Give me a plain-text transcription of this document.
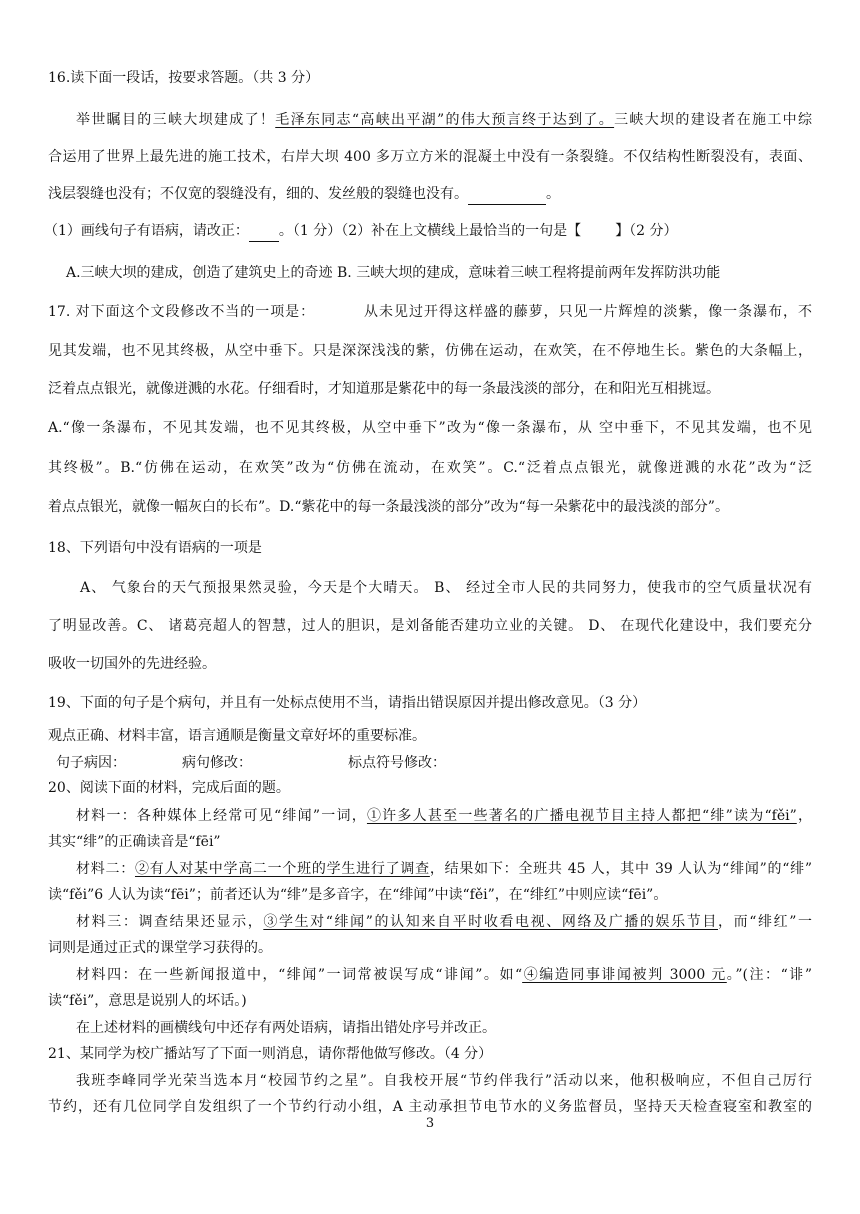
16.读下面一段话，按要求答题。（共 3 分）
举世瞩目的三峡大坝建成了！毛泽东同志“高峡出平湖”的伟大预言终于达到了。三峡大坝的建设者在施工中综
合运用了世界上最先进的施工技术，右岸大坝 400 多万立方米的混凝土中没有一条裂缝。不仅结构性断裂没有，表面、
浅层裂缝也没有；不仅宽的裂缝没有，细的、发丝般的裂缝也没有。	。
（1）画线句子有语病，请改正： 。（1 分）（2）补在上文横线上最恰当的一句是【 】（2 分）
A.三峡大坝的建成，创造了建筑史上的奇迹 B. 三峡大坝的建成，意味着三峡工程将提前两年发挥防洪功能
17. 对下面这个文段修改不当的一项是：	从未见过开得这样盛的藤萝，只见一片辉煌的淡紫，像一条瀑布，不
见其发端，也不见其终极，从空中垂下。只是深深浅浅的紫，仿佛在运动，在欢笑，在不停地生长。紫色的大条幅上，
泛着点点银光，就像迸溅的水花。仔细看时，才知道那是紫花中的每一条最浅淡的部分，在和阳光互相挑逗。
A.“像一条瀑布，不见其发端，也不见其终极，从空中垂下”改为“像一条瀑布，从 空中垂下，不见其发端，也不见
其终极”。B.“仿佛在运动，在欢笑”改为“仿佛在流动，在欢笑”。C.“泛着点点银光，就像迸溅的水花”改为“泛
着点点银光，就像一幅灰白的长布”。D.“紫花中的每一条最浅淡的部分”改为“每一朵紫花中的最浅淡的部分”。
18、下列语句中没有语病的一项是
A、 气象台的天气预报果然灵验，今天是个大晴天。 B、 经过全市人民的共同努力，使我市的空气质量状况有
了明显改善。C、 诸葛亮超人的智慧，过人的胆识，是刘备能否建功立业的关键。 D、 在现代化建设中，我们要充分
吸收一切国外的先进经验。
19、下面的句子是个病句，并且有一处标点使用不当，请指出错误原因并提出修改意见。（3 分）
观点正确、材料丰富，语言通顺是衡量文章好坏的重要标准。
句子病因：	病句修改：	标点符号修改：
20、阅读下面的材料，完成后面的题。
材料一：各种媒体上经常可见“绯闻”一词，①许多人甚至一些著名的广播电视节目主持人都把“绯”读为“fěi”，
其实“绯”的正确读音是“fēi”
材料二：②有人对某中学高二一个班的学生进行了调查，结果如下：全班共 45 人，其中 39 人认为“绯闻”的“绯”
读“fěi”6 人认为读“fēi”；前者还认为“绯”是多音字，在“绯闻”中读“fěi”，在“绯红”中则应读“fēi”。
材料三：调查结果还显示，③学生对“绯闻”的认知来自平时收看电视、网络及广播的娱乐节目，而“绯红”一
词则是通过正式的课堂学习获得的。
材料四：在一些新闻报道中，“绯闻”一词常被误写成“诽闻”。如“④编造同事诽闻被判 3000 元。”(注：“诽”
读“fěi”，意思是说别人的坏话。)
在上述材料的画横线句中还存有两处语病，请指出错处序号并改正。
21、某同学为校广播站写了下面一则消息，请你帮他做写修改。（4 分）
我班李峰同学光荣当选本月“校园节约之星”。自我校开展“节约伴我行”活动以来，他积极响应，不但自己厉行
节约，还有几位同学自发组织了一个节约行动小组，A 主动承担节电节水的义务监督员，坚持天天检查寝室和教室的
3
